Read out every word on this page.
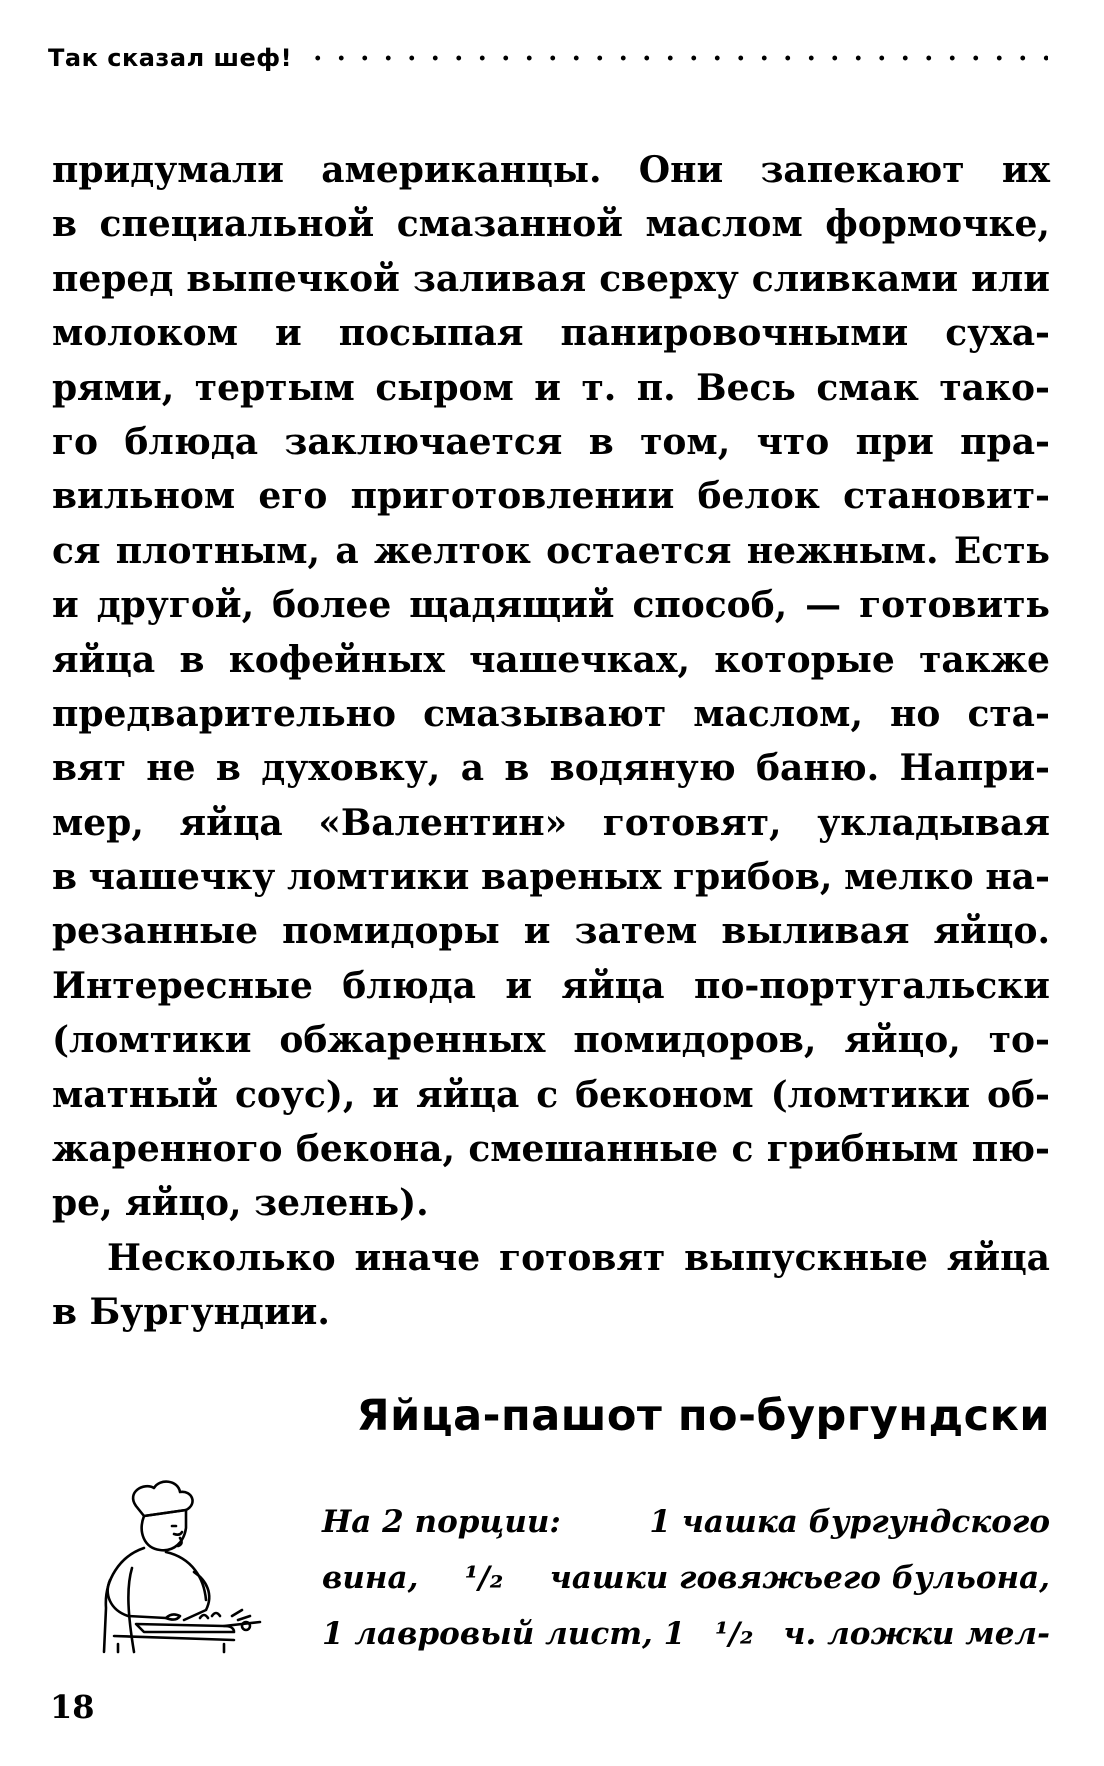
Так сказал шеф!
придумали американцы. Они запекают их
в специальной смазанной маслом формочке,
перед выпечкой заливая сверху сливками или
молоком и посыпая панировочными суха-
рями, тертым сыром и т. п. Весь смак тако-
го блюда заключается в том, что при пра-
вильном его приготовлении белок становит-
ся плотным, а желток остается нежным. Есть
и другой, более щадящий способ, — готовить
яйца в кофейных чашечках, которые также
предварительно смазывают маслом, но ста-
вят не в духовку, а в водяную баню. Напри-
мер, яйца «Валентин» готовят, укладывая
в чашечку ломтики вареных грибов, мелко на-
резанные помидоры и затем выливая яйцо.
Интересные блюда и яйца по-португальски
(ломтики обжаренных помидоров, яйцо, то-
матный соус), и яйца с беконом (ломтики об-
жаренного бекона, смешанные с грибным пю-
ре, яйцо, зелень).
Несколько иначе готовят выпускные яйца
в Бургундии.
Яйца-пашот по-бургундски
На 2 порции:	1 чашка бургундского
вина, ¹/₂ чашки говяжьего бульона,
1 лавровый лист, 1 ¹/₂ ч. ложки мел-
18
